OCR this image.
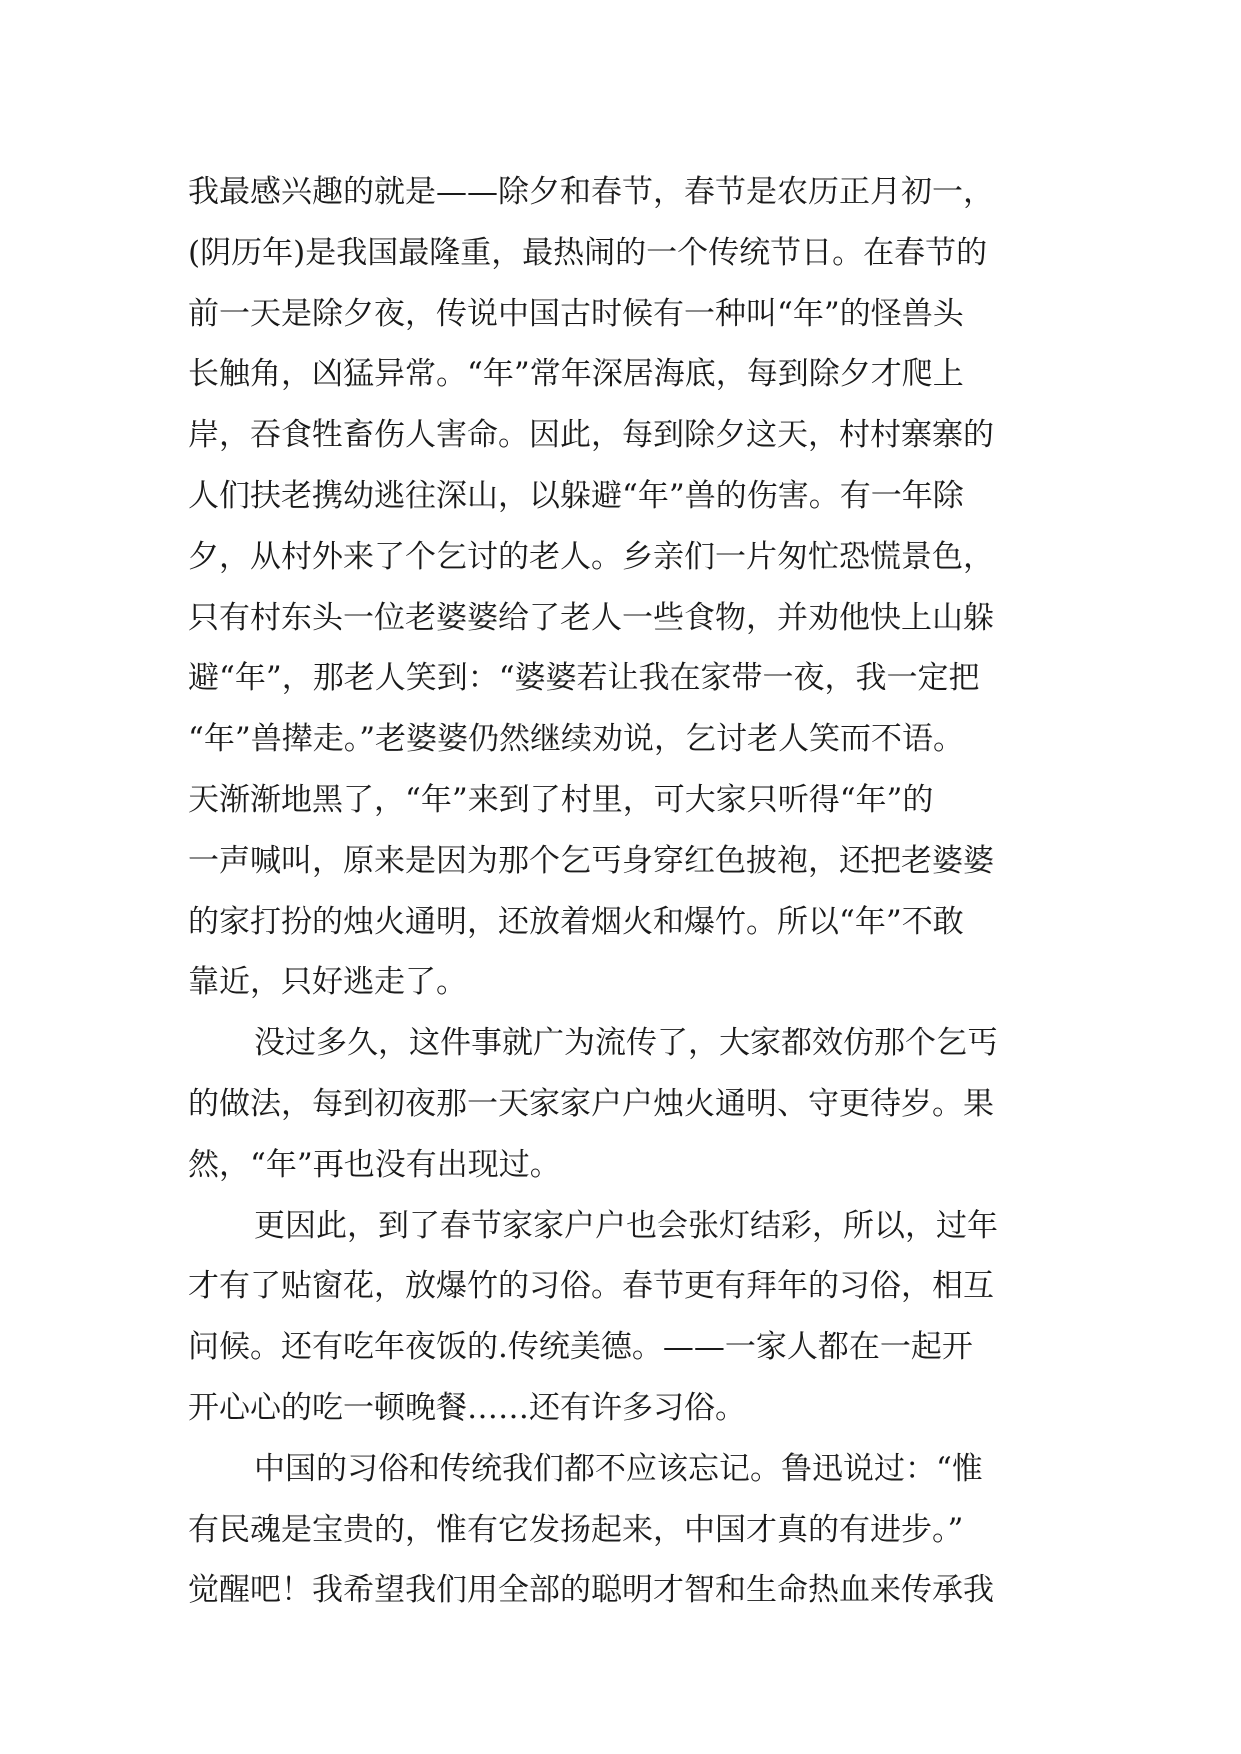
我最感兴趣的就是——除夕和春节，春节是农历正月初一，
(阴历年)是我国最隆重，最热闹的一个传统节日。在春节的
前一天是除夕夜，传说中国古时候有一种叫“年”的怪兽头
长触角，凶猛异常。“年”常年深居海底，每到除夕才爬上
岸，吞食牲畜伤人害命。因此，每到除夕这天，村村寨寨的
人们扶老携幼逃往深山，以躲避“年”兽的伤害。有一年除
夕，从村外来了个乞讨的老人。乡亲们一片匆忙恐慌景色，
只有村东头一位老婆婆给了老人一些食物，并劝他快上山躲
避“年”，那老人笑到：“婆婆若让我在家带一夜，我一定把
“年”兽撵走。”老婆婆仍然继续劝说，乞讨老人笑而不语。
天渐渐地黑了，“年”来到了村里，可大家只听得“年”的
一声喊叫，原来是因为那个乞丐身穿红色披袍，还把老婆婆
的家打扮的烛火通明，还放着烟火和爆竹。所以“年”不敢
靠近，只好逃走了。
没过多久，这件事就广为流传了，大家都效仿那个乞丐
的做法，每到初夜那一天家家户户烛火通明、守更待岁。果
然，“年”再也没有出现过。
更因此，到了春节家家户户也会张灯结彩，所以，过年
才有了贴窗花，放爆竹的习俗。春节更有拜年的习俗，相互
问候。还有吃年夜饭的.传统美德。——一家人都在一起开
开心心的吃一顿晚餐……还有许多习俗。
中国的习俗和传统我们都不应该忘记。鲁迅说过：“惟
有民魂是宝贵的，惟有它发扬起来，中国才真的有进步。”
觉醒吧！我希望我们用全部的聪明才智和生命热血来传承我
